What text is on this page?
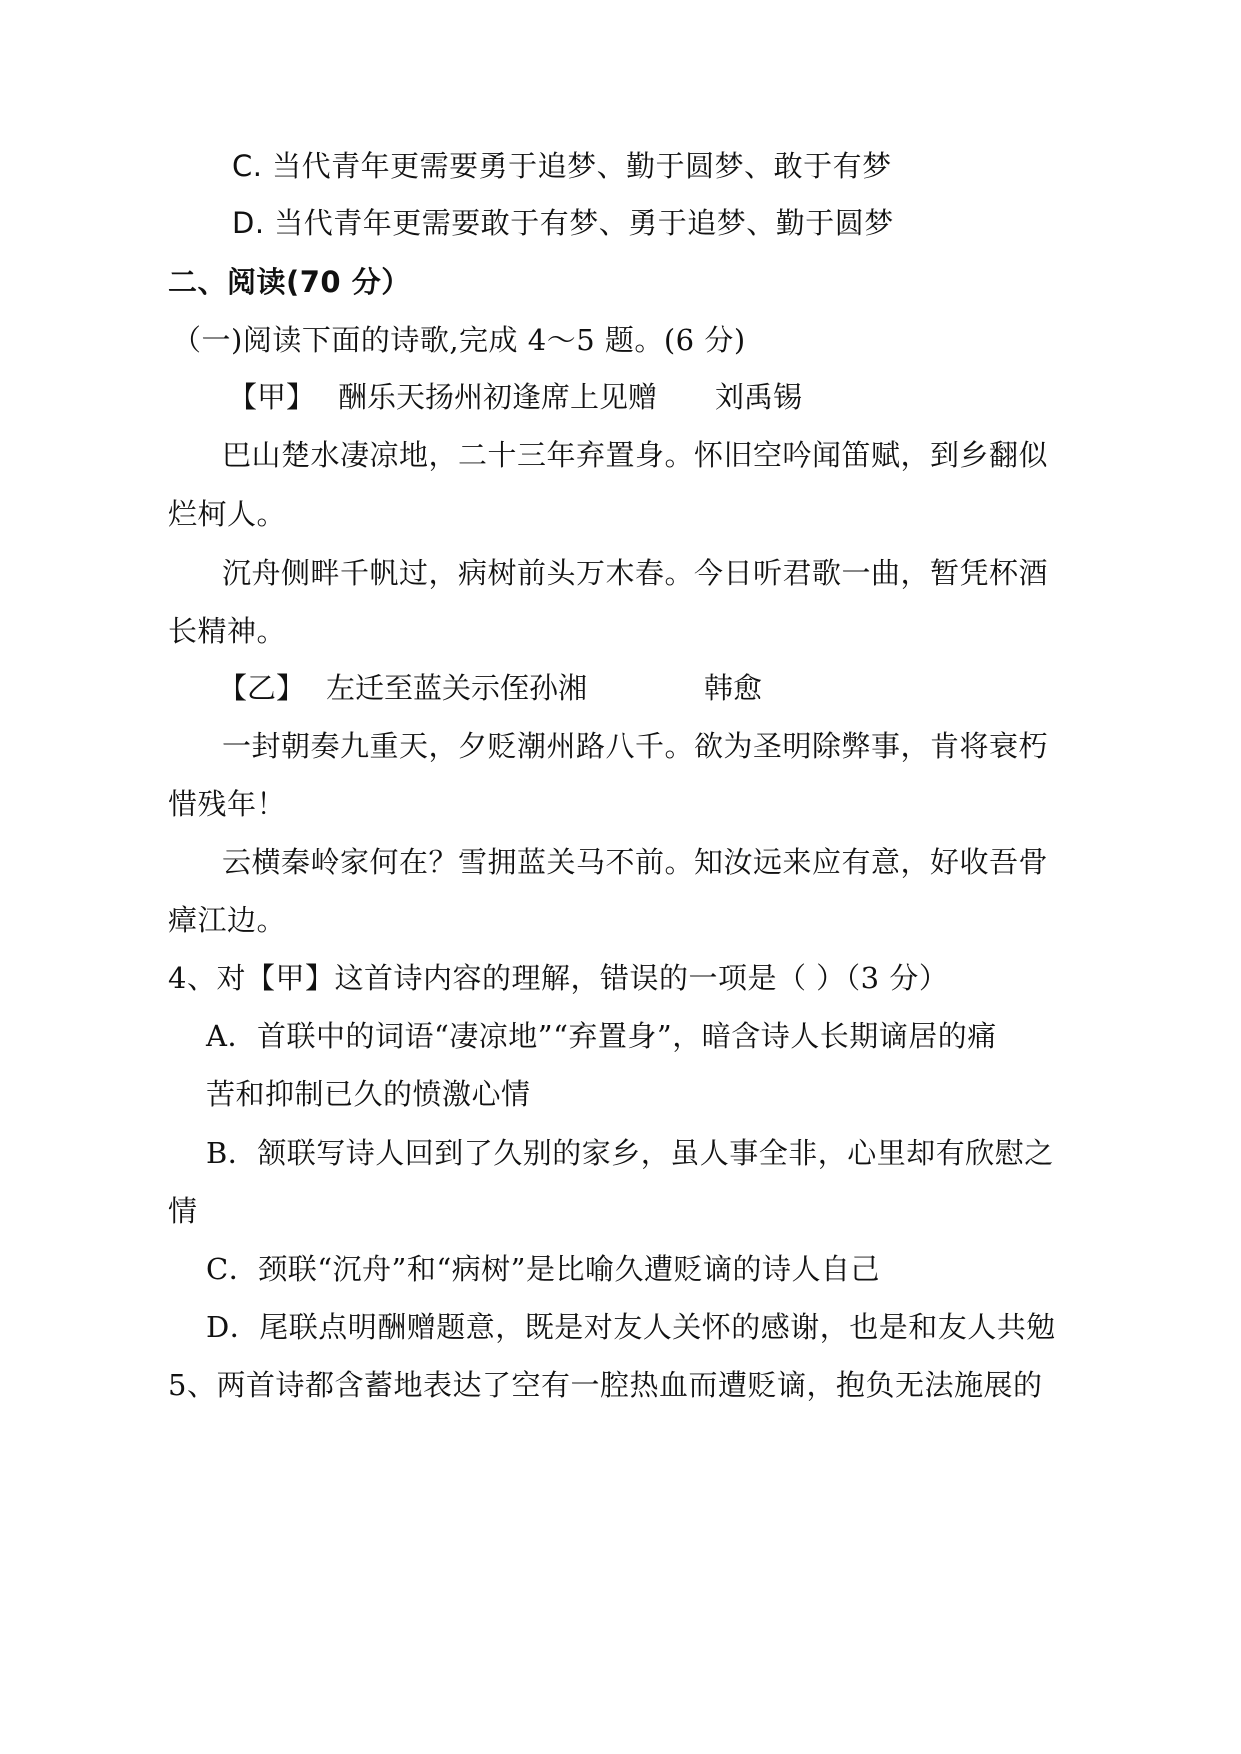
C. 当代青年更需要勇于追梦、勤于圆梦、敢于有梦
D. 当代青年更需要敢于有梦、勇于追梦、勤于圆梦
二、阅读(70 分）
（一)阅读下面的诗歌,完成 4～5 题。(6 分)
【甲】 酬乐天扬州初逢席上见赠 刘禹锡
巴山楚水凄凉地，二十三年弃置身。怀旧空吟闻笛赋，到乡翻似
烂柯人。
沉舟侧畔千帆过，病树前头万木春。今日听君歌一曲，暂凭杯酒
长精神。
【乙】 左迁至蓝关示侄孙湘	韩愈
一封朝奏九重天，夕贬潮州路八千。欲为圣明除弊事，肯将衰朽
惜残年！
云横秦岭家何在？雪拥蓝关马不前。知汝远来应有意，好收吾骨
瘴江边。
4、对【甲】这首诗内容的理解，错误的一项是（ ）（3 分）
A．首联中的词语“凄凉地”“弃置身”，暗含诗人长期谪居的痛
苦和抑制已久的愤激心情
B．颔联写诗人回到了久别的家乡，虽人事全非，心里却有欣慰之
情
C．颈联“沉舟”和“病树”是比喻久遭贬谪的诗人自己
D．尾联点明酬赠题意，既是对友人关怀的感谢，也是和友人共勉
5、两首诗都含蓄地表达了空有一腔热血而遭贬谪，抱负无法施展的
